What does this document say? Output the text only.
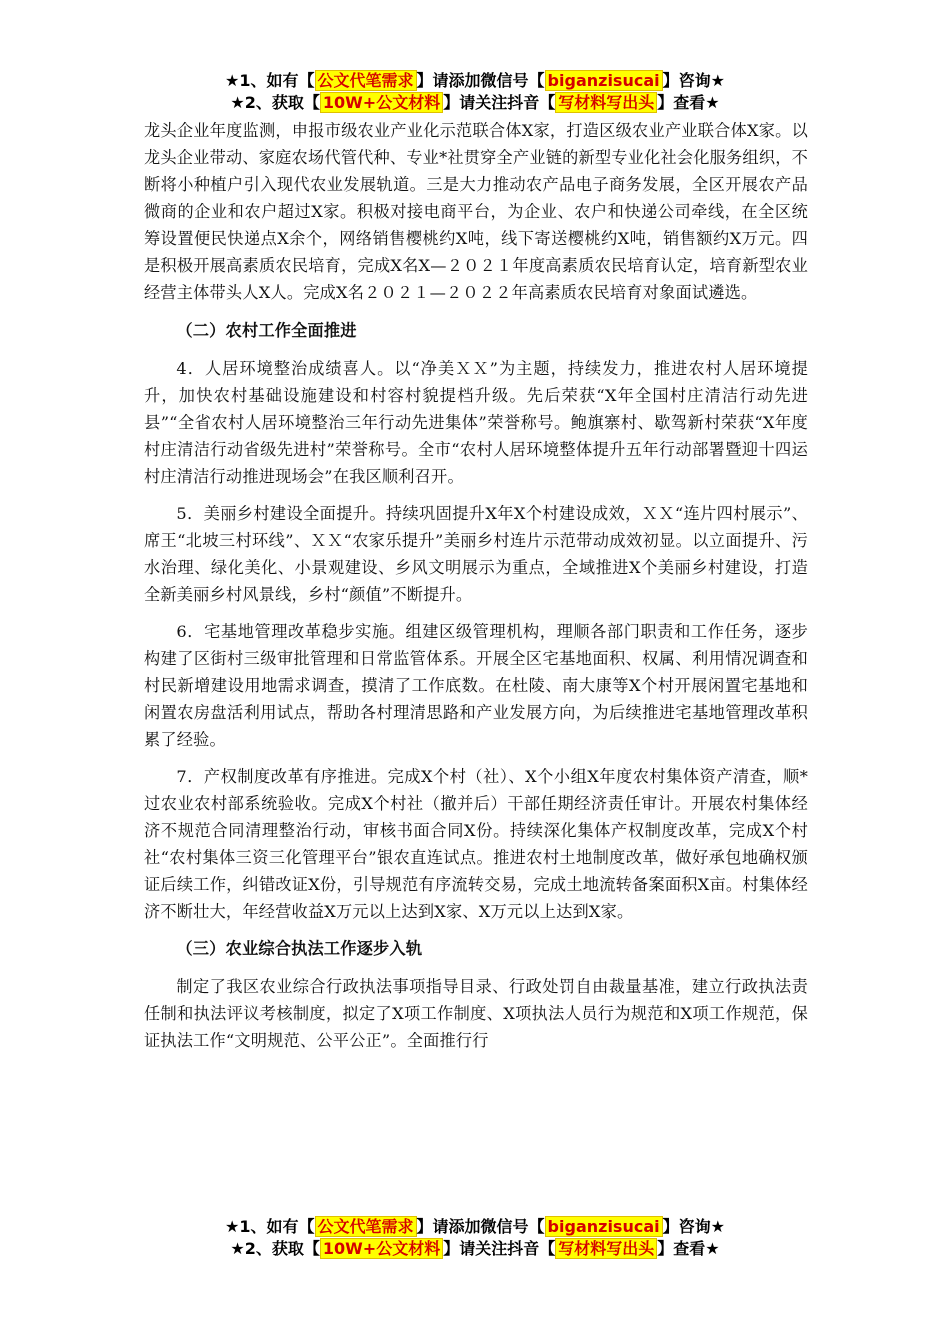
★1、如有【 公文代笔需求 】请添加微信号【 biganzisucai 】咨询★
★2、获取【 10W+公文材料 】请关注抖音【 写材料写出头 】查看★

龙头企业年度监测，申报市级农业产业化示范联合体X家，打造区级农业产业联合体X家。以龙头企业带动、家庭农场代管代种、专业*社贯穿全产业链的新型专业化社会化服务组织，不断将小种植户引入现代农业发展轨道。三是大力推动农产品电子商务发展，全区开展农产品微商的企业和农户超过X家。积极对接电商平台，为企业、农户和快递公司牵线，在全区统筹设置便民快递点X余个，网络销售樱桃约X吨，线下寄送樱桃约X吨，销售额约X万元。四是积极开展高素质农民培育，完成X名X—２０２１年度高素质农民培育认定，培育新型农业经营主体带头人X人。完成X名２０２１—２０２２年高素质农民培育对象面试遴选。

（二）农村工作全面推进

4．人居环境整治成绩喜人。以“净美ＸＸ”为主题，持续发力，推进农村人居环境提升，加快农村基础设施建设和村容村貌提档升级。先后荣获“X年全国村庄清洁行动先进县”“全省农村人居环境整治三年行动先进集体”荣誉称号。鲍旗寨村、歇驾新村荣获“X年度村庄清洁行动省级先进村”荣誉称号。全市“农村人居环境整体提升五年行动部署暨迎十四运村庄清洁行动推进现场会”在我区顺利召开。

5．美丽乡村建设全面提升。持续巩固提升X年X个村建设成效，ＸＸ“连片四村展示”、席王“北坡三村环线”、ＸＸ“农家乐提升”美丽乡村连片示范带动成效初显。以立面提升、污水治理、绿化美化、小景观建设、乡风文明展示为重点，全域推进X个美丽乡村建设，打造全新美丽乡村风景线，乡村“颜值”不断提升。

6．宅基地管理改革稳步实施。组建区级管理机构，理顺各部门职责和工作任务，逐步构建了区街村三级审批管理和日常监管体系。开展全区宅基地面积、权属、利用情况调查和村民新增建设用地需求调查，摸清了工作底数。在杜陵、南大康等X个村开展闲置宅基地和闲置农房盘活利用试点，帮助各村理清思路和产业发展方向，为后续推进宅基地管理改革积累了经验。

7．产权制度改革有序推进。完成X个村（社）、X个小组X年度农村集体资产清查，顺*过农业农村部系统验收。完成X个村社（撤并后）干部任期经济责任审计。开展农村集体经济不规范合同清理整治行动，审核书面合同X份。持续深化集体产权制度改革，完成X个村社“农村集体三资三化管理平台”银农直连试点。推进农村土地制度改革，做好承包地确权颁证后续工作，纠错改证X份，引导规范有序流转交易，完成土地流转备案面积X亩。村集体经济不断壮大，年经营收益X万元以上达到X家、X万元以上达到X家。

（三）农业综合执法工作逐步入轨

制定了我区农业综合行政执法事项指导目录、行政处罚自由裁量基准，建立行政执法责任制和执法评议考核制度，拟定了X项工作制度、X项执法人员行为规范和X项工作规范，保证执法工作“文明规范、公平公正”。全面推行行

★1、如有【 公文代笔需求 】请添加微信号【 biganzisucai 】咨询★
★2、获取【 10W+公文材料 】请关注抖音【 写材料写出头 】查看★
